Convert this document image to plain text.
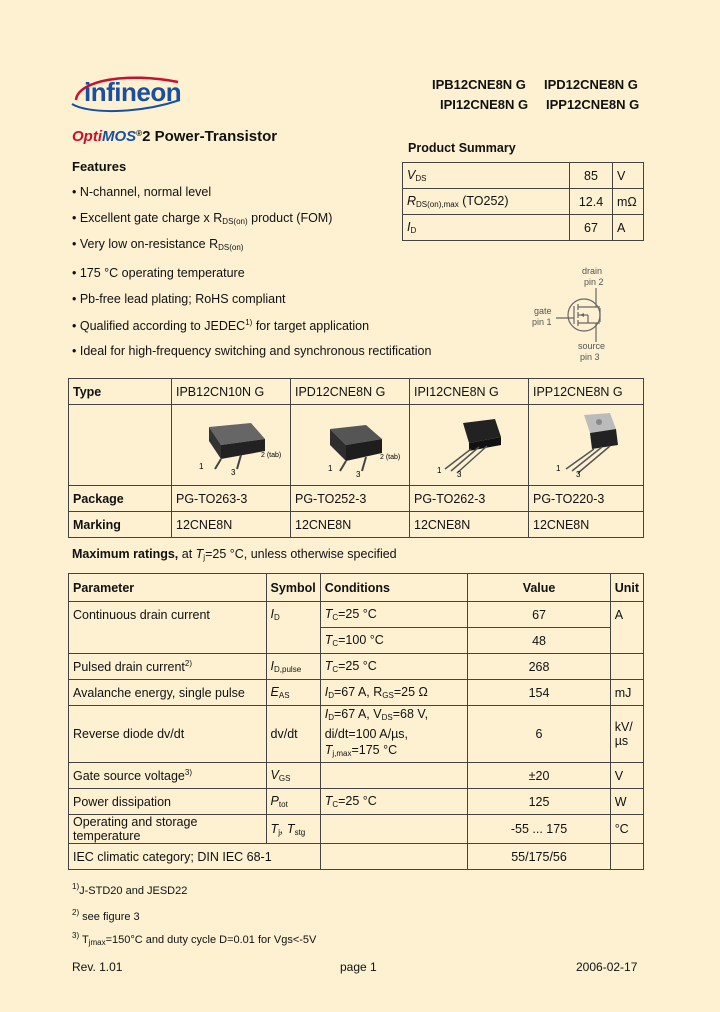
infineon	IPB12CNE8N G IPD12CNE8N G
IPI12CNE8N G IPP12CNE8N G
OptiMOS®2 Power-Transistor
Features
• N-channel, normal level
• Excellent gate charge x $R_{DS(on)}$ product (FOM)
• Very low on-resistance $R_{DS(on)}$
• 175 °C operating temperature
• Pb-free lead plating; RoHS compliant
• Qualified according to JEDEC$^{1)}$ for target application
• Ideal for high-frequency switching and synchronous rectification
Product Summary
$V_{DS}$	85	V
$R_{DS(on),max}$ (TO252)	12.4	mΩ
$I_D$	67	A
drain
pin 2
gate
pin 1
source
pin 3
Type	IPB12CN10N G	IPD12CNE8N G	IPI12CNE8N G	IPP12CNE8N G

1
2 (tab)
3	1
2 (tab)
3	1 3	1
3

Package	PG-TO263-3	PG-TO252-3	PG-TO262-3	PG-TO220-3
Marking	12CNE8N	12CNE8N	12CNE8N	12CNE8N
Maximum ratings, at $T_j=25$ °C, unless otherwise specified
Parameter	Symbol	Conditions	Value	Unit
Continuous drain current	$I_D$	$T_C=25$ °C	67	A
		$T_C=100$ °C	48	
Pulsed drain current$^{2)}$	$I_{D,pulse}$	$T_C=25$ °C	268	
Avalanche energy, single pulse	$E_{AS}$	$I_D=67$ A, $R_{GS}=25$ Ω	154	mJ
Reverse diode dv/dt	dv/dt	$I_D=67$ A, $V_{DS}=68$ V,
di/dt=100 A/µs,
$T_{j,max}=175$ °C	6	kV/µs
Gate source voltage$^{3)}$	$V_{GS}$		±20	V
Power dissipation	$P_{tot}$	$T_C=25$ °C	125	W
Operating and storage temperature	$T_j$, $T_{stg}$		-55 ... 175	°C
IEC climatic category; DIN IEC 68-1			55/175/56	
$^{1)}$J-STD20 and JESD22
$^{2)}$ see figure 3
$^{3)}$ $T_{jmax}=150^\circ C$ and duty cycle D=0.01 for Vgs<-5V
Rev. 1.01	page 1	2006-02-17
